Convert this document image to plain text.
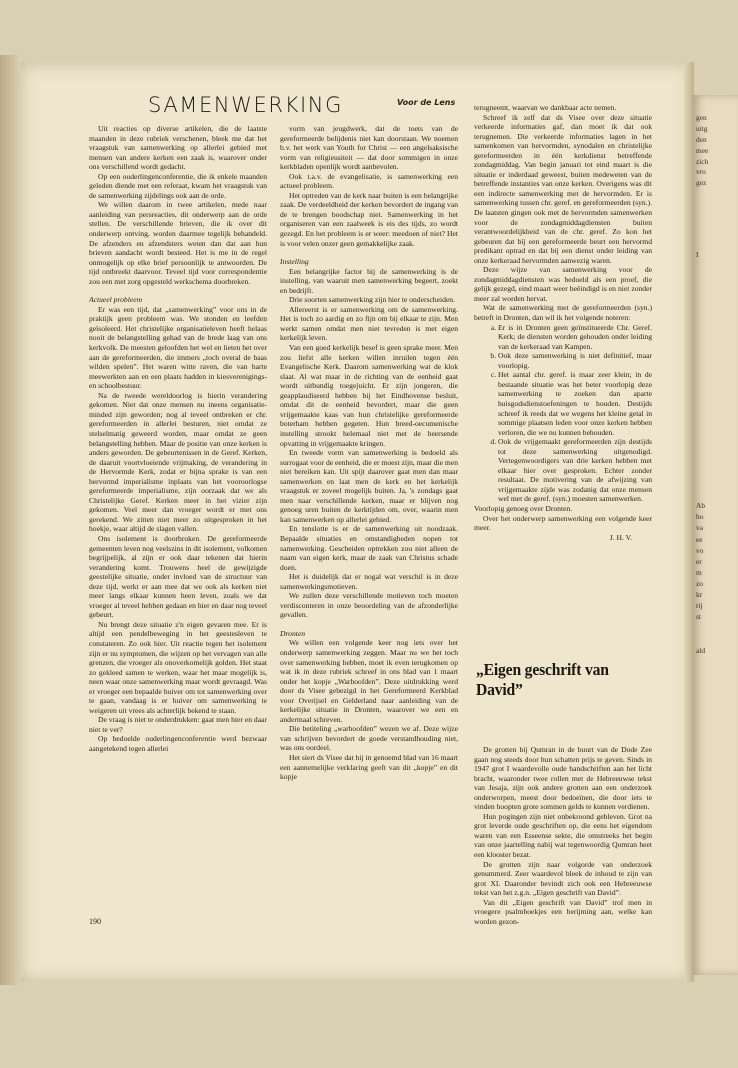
gen
uitg
den
mee
zich
vro
gez
I
Ab
ho
va
ee
vo
er
m
zo
kr
rij
st
ald
SAMENWERKING	Voor de Lens

Uit reacties op diverse artikelen, die de laatste maanden in deze rubriek verschenen, bleek me dat het vraagstuk van samenwerking op allerlei gebied met mensen van andere kerken een zaak is, waarover onder ons verschillend wordt gedacht.

Op een ouderlingenconferentie, die ik enkele maanden geleden diende met een referaat, kwam het vraagstuk van de samenwerking zijdelings ook aan de orde.

We willen daarom in twee artikelen, mede naar aanleiding van persreacties, dit onderwerp aan de orde stellen. De verschillende brieven, die ik over dit onderwerp ontving, worden daarmee tegelijk behandeld. De afzenders en afzendsters weten dan dat aan hun brieven aandacht wordt besteed. Het is me in de regel onmogelijk op elke brief persoonlijk te antwoorden. De tijd ontbreekt daarvoor. Teveel tijd voor correspondentie zou een met zorg opgesteld werkschema doorbreken.

Actueel probleem

Er was een tijd, dat „samenwerking” voor ons in de praktijk geen probleem was. We stonden en leefden geïsoleerd. Het christelijke organisatieleven heeft helaas nooit de belangstelling gehad van de brede laag van ons kerkvolk. De meesten geloofden het wel en lieten het over aan de gereformeerden, die immers „toch overal de baas wilden spelen”. Het waren witte raven, die van harte meewerkten aan en een plaats hadden in kiesverenigings- en schoolbestuur.

Na de tweede wereldoorlog is hierin verandering gekomen. Niet dat onze mensen nu ineens organisatie-minded zijn geworden; nog al teveel ontbreken er chr. gereformeerden in allerlei besturen, niet omdat ze stelselmatig geweerd worden, maar omdat ze geen belangstelling hebben. Maar de positie van onze kerken is anders geworden. De gebeurtenissen in de Geref. Kerken, de daaruit voortvloeiende vrijmaking, de verandering in de Hervormde Kerk, zodat er bijna sprake is van een hervormd imperialisme inplaats van het vooroorlogse gereformeerde imperialisme, zijn oorzaak dat we als Christelijke Geref. Kerken meer in het vizier zijn gekomen. Veel meer dan vroeger wordt er met ons gerekend. We zitten niet meer zo uitgesproken in het hoekje, waar altijd de slagen vallen.

Ons isolement is doorbroken. De gereformeerde gemeenten leven nog veelszins in dit isolement, volkomen begrijpelijk, al zijn er ook daar tekenen dat hierin verandering komt. Trouwens heel de gewijzigde geestelijke situatie, onder invloed van de structuur van deze tijd, werkt er aan mee dat we ook als kerken niet meer langs elkaar kunnen heen leven, zoals we dat vroeger al teveel hebben gedaan en hier en daar nog teveel gebeurt.

Nu brengt deze situatie z'n eigen gevaren mee. Er is altijd een pendelbeweging in het geestesleven te constateren. Zo ook hier. Uit reactie tegen het isolement zijn er nu symptomen, die wijzen op het vervagen van alle grenzen, die vroeger als onoverkomelijk golden. Het staat zo gekleed samen te werken, waar het maar mogelijk is, neen waar onze samenwerking maar wordt gevraagd. Was er vroeger een bepaalde huiver om tot samenwerking over te gaan, vandaag is er huiver om samenwerking te weigeren uit vrees als achterlijk bekend te staan.

De vraag is niet te onderdrukken: gaat men hier en daar niet te ver?

Op bedoelde ouderlingenconferentie werd bezwaar aangetekend tegen allerlei

vorm van jeugdwerk, dat de toets van de gereformeerde belijdenis niet kan doorstaan. We noemen b.v. het werk van Youth for Christ — een angelsaksische vorm van religieusiteit — dat door sommigen in onze kerkbladen openlijk wordt aanbevolen.

Ook t.a.v. de evangelisatie, is samenwerking een actueel probleem.

Het optreden van de kerk naar buiten is een belangrijke zaak. De verdeeldheid der kerken bevordert de ingang van de te brengen boodschap niet. Samenwerking in het organiseren van een zaalweek is eis des tijds, zo wordt gezegd. En het probleem is er weer: meedoen of niet? Het is voor velen onzer geen gemakkelijke zaak.

Instelling

Een belangrijke factor bij de samenwerking is de instelling, van waaruit men samenwerking begeert, zoekt en bedrijft.

Drie soorten samenwerking zijn hier te onderscheiden.

Allereerst is er samenwerking om de samenwerking. Het is toch zo aardig en zo fijn om bij elkaar te zijn. Men werkt samen omdat men niet tevreden is met eigen kerkelijk leven.

Van een goed kerkelijk besef is geen sprake meer. Men zou liefst alle kerken willen inruilen tegen één Evangelische Kerk. Daarom samenwerking wat de klok slaat. Al wat maar in de richting van de eenheid gaat wordt uitbundig toegejuicht. Er zijn jongeren, die geapplaudiseerd hebben bij het Eindhovense besluit, omdat dit de eenheid bevordert, maar die geen vrijgemaakte kaas van hun christelijke gereformeerde boterham hebben gegeten. Hun breed-oecumenische instelling strookt helemaal niet met de heersende opvatting in vrijgemaakte kringen.

En tweede vorm van samenwerking is bedoeld als surrogaat voor de eenheid, die er moest zijn, maar die men niet bereiken kan. Uit spijt daarover gaat men dan maar samenwerken en laat men de kerk en het kerkelijk vraagstuk er zoveel mogelijk buiten. Ja, 's zondags gaat men naar verschillende kerken, maar er blijven nog genoeg uren buiten de kerktijden om, over, waarin men kan samenwerken op allerlei gebied.

En tenslotte is er de samenwerking uit noodzaak. Bepaalde situaties en omstandigheden nopen tot samenwerking. Gescheiden optrekken zou niet alleen de naam van eigen kerk, maar de zaak van Christus schade doen.

Het is duidelijk dat er nogal wat verschil is in deze samenwerkingsmotieven.

We zullen deze verschillende motieven toch moeten verdisconteren in onze beoordeling van de afzonderlijke gevallen.

Dronten

We willen een volgende keer nog iets over het onderwerp samenwerking zeggen. Maar nu we het toch over samenwerking hebben, moet ik even terugkomen op wat ik in deze rubriek schreef in ons blad van 1 maart onder het kopje „Warhoofden”. Deze uitdrukking werd door ds Visee gebezigd in het Gereformeerd Kerkblad voor Overijsel en Gelderland naar aanleiding van de kerkelijke situatie in Dronten, waarover we een en andermaal schreven.

Die betiteling „warhoofden” wezen we af. Deze wijze van schrijven bevordert de goede verstandhouding niet, was ons oordeel.

Het siert ds Visee dat hij in genoemd blad van 16 maart een aannemelijke verklaring geeft van dit „kopje” en dit kopje

terugneemt, waarvan we dankbaar acte nemen.

Schreef ik zelf dat ds Visee over deze situatie verkeerde informaties gaf, dan moet ik dat ook terugnemen. Die verkeerde informaties lagen in het samenkomen van hervormden, synodalen en christelijke gereformeerden in één kerkdienst betreffende zondagmiddag. Van begin januari tot eind maart is die situatie er inderdaad geweest, buiten medeweten van de betreffende instanties van onze kerken. Overigens was dit een indirecte samenwerking met de hervormden. Er is samenwerking tussen chr. geref. en gereformeerden (syn.). De laatsten gingen ook met de hervormden samenwerken voor de zondagmiddagdiensten buiten verantwoordelijkheid van de chr. geref. Zo kon het gebeuren dat bij een gereformeerde beurt een hervormd predikant optrad en dat bij een dienst onder leiding van onze kerkeraad hervormden aanwezig waren.

Deze wijze van samenwerking voor de zondagmiddagdiensten was bedoeld als een proef, die gelijk gezegd, eind maart weer beëindigd is en niet zonder meer zal worden hervat.

Wat de samenwerking met de gereformeerden (syn.) betreft in Dronten, dan wil ik het volgende noteren:

a. Er is in Dronten geen geïnstitueerde Chr. Geref. Kerk; de diensten worden gehouden onder leiding van de kerkeraad van Kampen.
b. Ook deze samenwerking is niet definitief, maar voorlopig.
c. Het aantal chr. geref. is maar zeer klein; in de bestaande situatie was het beter voorlopig deze samenwerking te zoeken dan aparte huisgodsdienstoefeningen te houden. Destijds schreef ik reeds dat we wegens het kleine getal in sommige plaatsen leden voor onze kerken hebben verloren, die we nu kunnen behouden.
d. Ook de vrijgemaakt gereformeerden zijn destijds tot deze samenwerking uitgenodigd. Vertegenwoordigers van drie kerken hebben met elkaar hier over gesproken. Echter zonder resultaat. De motivering van de afwijzing van vrijgemaakte zijde was zodanig dat onze mensen wel met de geref. (syn.) moesten samenwerken.

Voorlopig genoeg over Dronten.

Over het onderwerp samenwerking een volgende keer meer.

J. H. V.

„Eigen geschrift van David”

De grotten bij Qumran in de buurt van de Dode Zee gaan nog steeds door hun schatten prijs te geven. Sinds in 1947 grot I waardevolle oude handschriften aan het licht bracht, waaronder twee rollen met de Hebreeuwse tekst van Jesaja, zijn ook andere grotten aan een onderzoek onderworpen, meest door bedoeïnen, die door iets te vinden hoopten grote sommen gelds te kunnen verdienen.

Hun pogingen zijn niet onbekroond gebleven. Grot na grot leverde oude geschriften op, die eens het eigendom waren van een Esseense sekte, die omstreeks het begin van onze jaartelling nabij wat tegenwoordig Qumran heet een klooster bezat.

De grotten zijn naar volgorde van onderzoek genummerd. Zeer waardevol bleek de inhoud te zijn van grot XI. Daaronder bevindt zich ook een Hebreeuwse tekst van het z.g.n. „Eigen geschrift van David”.

Van dit „Eigen geschrift van David” trof men in vroegere psalmboekjes een berijming aan, welke kan worden gezon-

190
